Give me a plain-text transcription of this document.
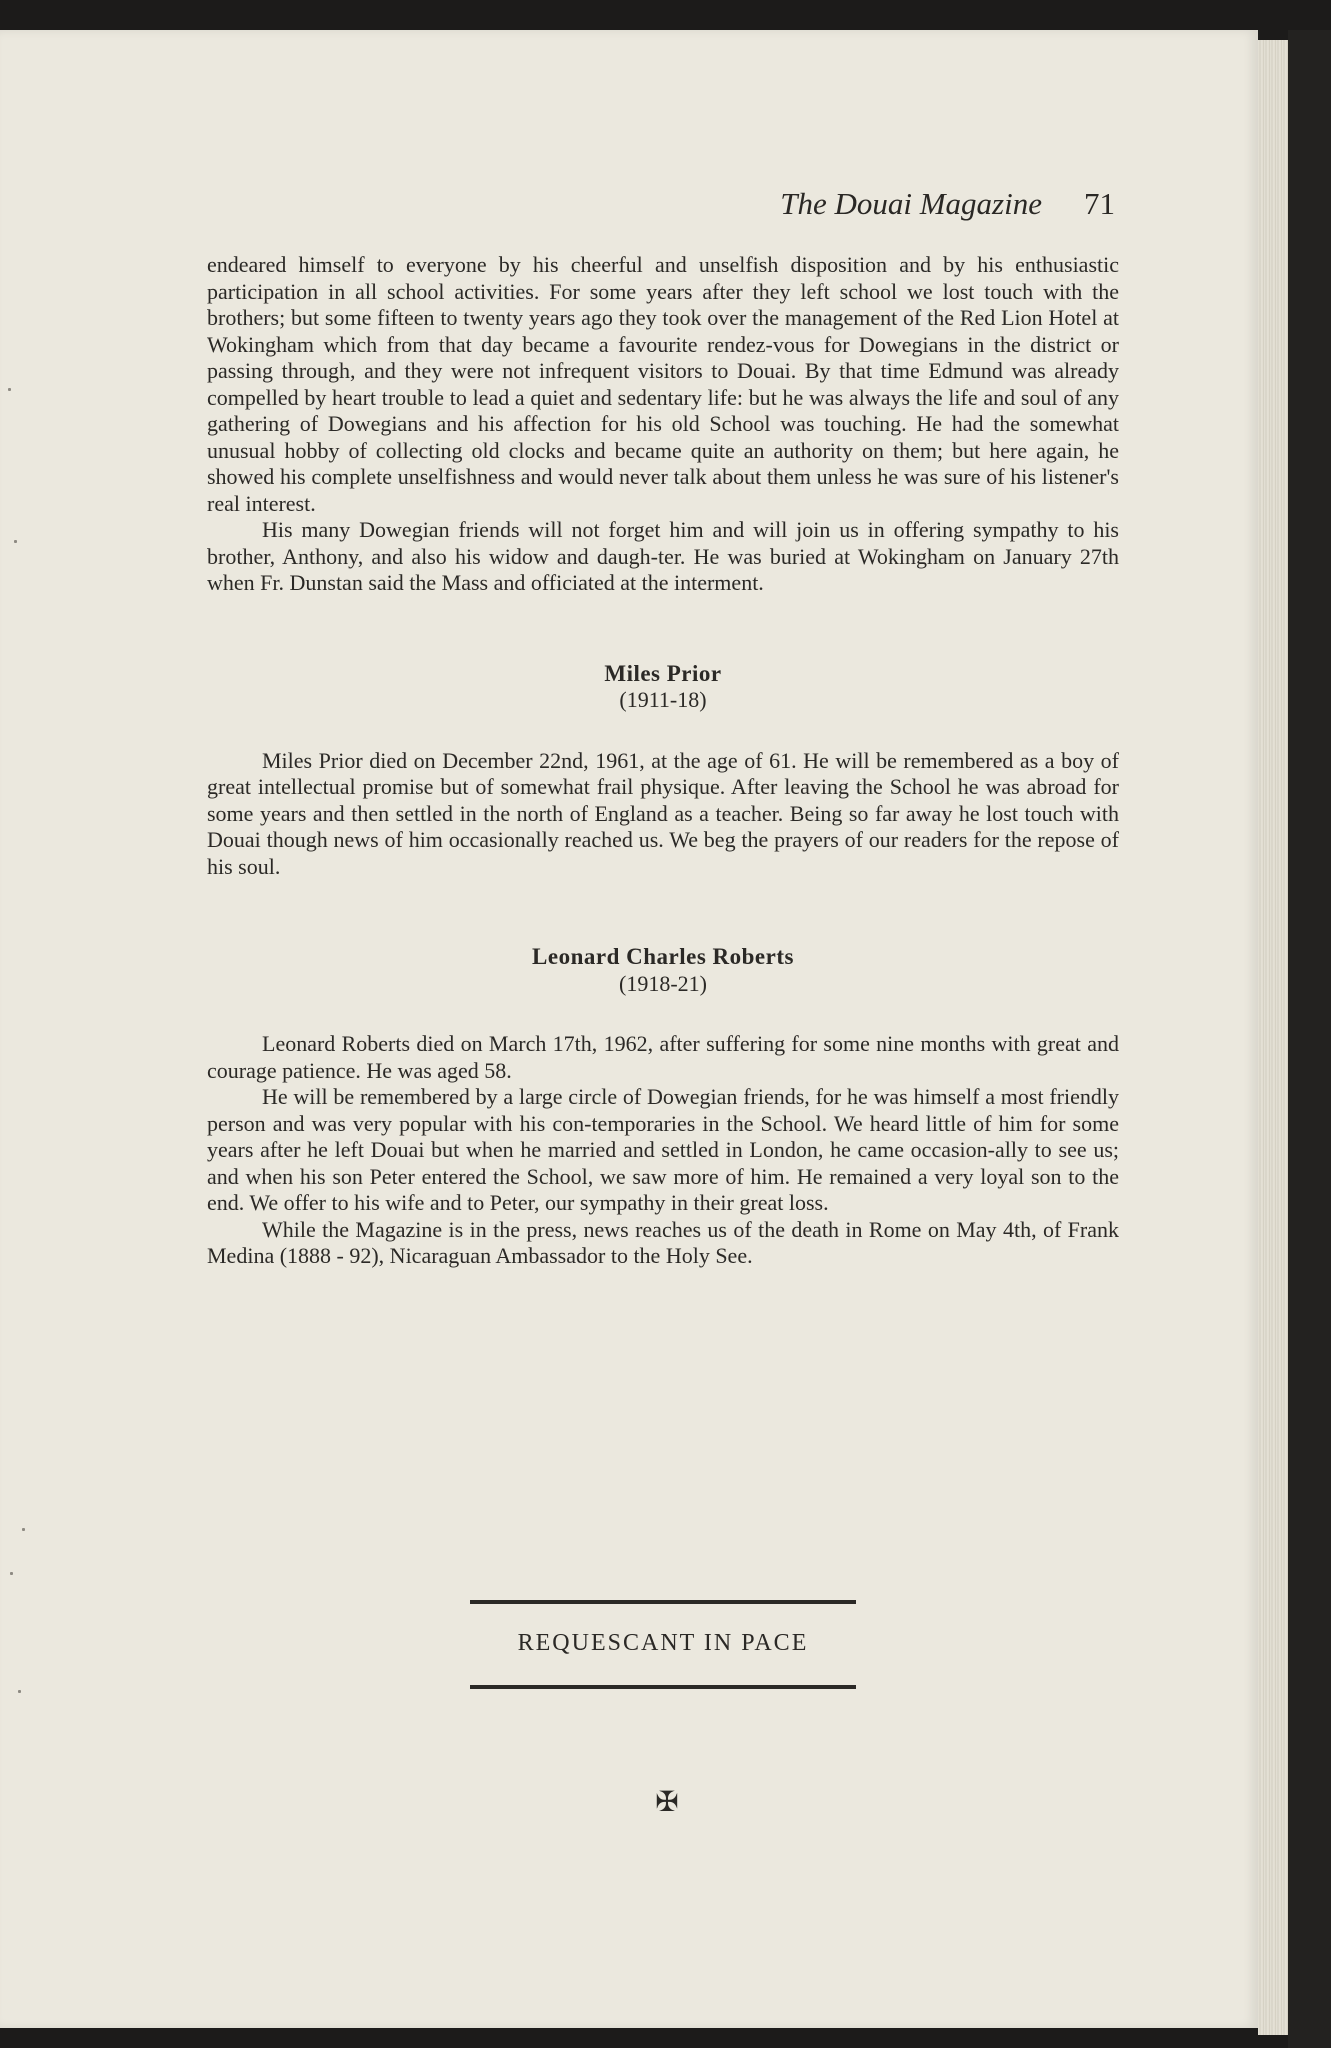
The Douai Magazine 71

endeared himself to everyone by his cheerful and unselfish disposition and by his enthusiastic participation in all school activities. For some years after they left school we lost touch with the brothers; but some fifteen to twenty years ago they took over the management of the Red Lion Hotel at Wokingham which from that day became a favourite rendez-vous for Dowegians in the district or passing through, and they were not infrequent visitors to Douai. By that time Edmund was already compelled by heart trouble to lead a quiet and sedentary life: but he was always the life and soul of any gathering of Dowegians and his affection for his old School was touching. He had the somewhat unusual hobby of collecting old clocks and became quite an authority on them; but here again, he showed his complete unselfishness and would never talk about them unless he was sure of his listener's real interest.

His many Dowegian friends will not forget him and will join us in offering sympathy to his brother, Anthony, and also his widow and daugh-ter. He was buried at Wokingham on January 27th when Fr. Dunstan said the Mass and officiated at the interment.

Miles Prior
(1911-18)

Miles Prior died on December 22nd, 1961, at the age of 61. He will be remembered as a boy of great intellectual promise but of somewhat frail physique. After leaving the School he was abroad for some years and then settled in the north of England as a teacher. Being so far away he lost touch with Douai though news of him occasionally reached us. We beg the prayers of our readers for the repose of his soul.

Leonard Charles Roberts
(1918-21)

Leonard Roberts died on March 17th, 1962, after suffering for some nine months with great and courage patience. He was aged 58.

He will be remembered by a large circle of Dowegian friends, for he was himself a most friendly person and was very popular with his con-temporaries in the School. We heard little of him for some years after he left Douai but when he married and settled in London, he came occasion-ally to see us; and when his son Peter entered the School, we saw more of him. He remained a very loyal son to the end. We offer to his wife and to Peter, our sympathy in their great loss.

While the Magazine is in the press, news reaches us of the death in Rome on May 4th, of Frank Medina (1888 - 92), Nicaraguan Ambassador to the Holy See.

REQUESCANT IN PACE
✠
